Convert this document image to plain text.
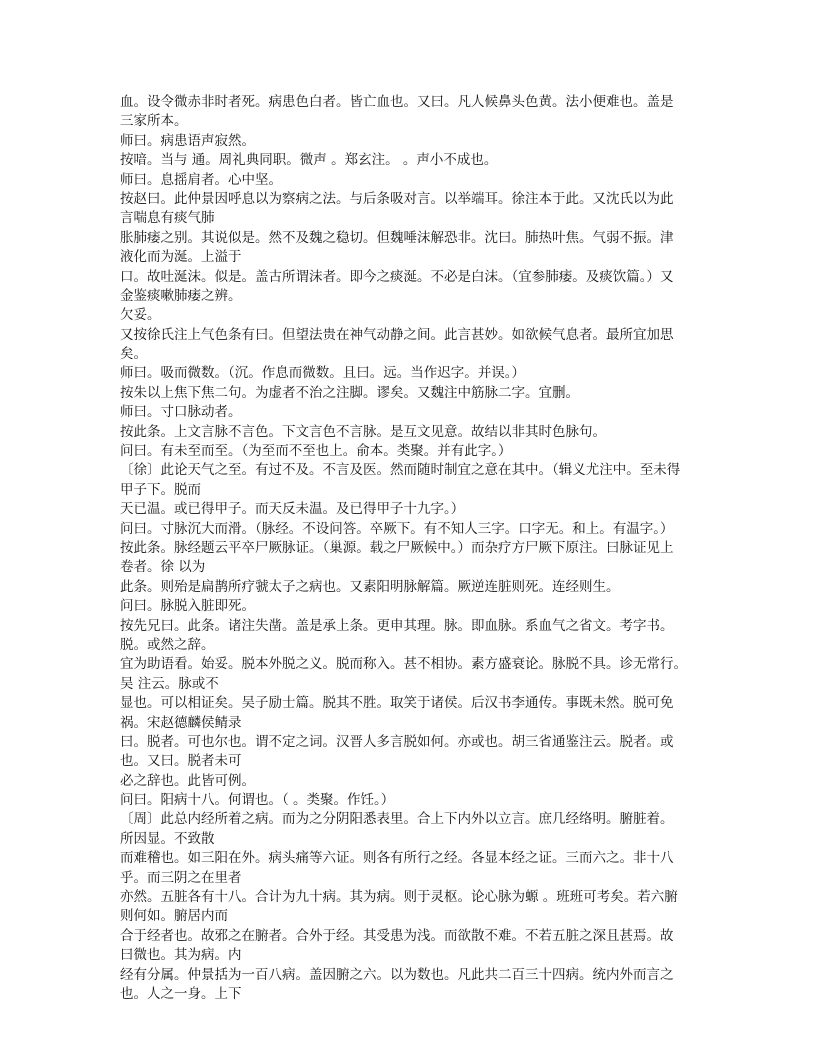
血。设令微赤非时者死。病患色白者。皆亡血也。又曰。凡人候鼻头色黄。法小便难也。盖是
三家所本。
师曰。病患语声寂然。
按喑。当与 通。周礼典同职。微声 。郑玄注。 。声小不成也。
师曰。息摇肩者。心中坚。
按赵曰。此仲景因呼息以为察病之法。与后条吸对言。以举端耳。徐注本于此。又沈氏以为此
言喘息有痰气肺
胀肺痿之别。其说似是。然不及魏之稳切。但魏唾沫解恐非。沈曰。肺热叶焦。气弱不振。津
液化而为涎。上溢于
口。故吐涎沫。似是。盖古所谓沫者。即今之痰涎。不必是白沫。（宜参肺痿。及痰饮篇。）又
金鉴痰嗽肺痿之辨。
欠妥。
又按徐氏注上气色条有曰。但望法贵在神气动静之间。此言甚妙。如欲候气息者。最所宜加思
矣。
师曰。吸而微数。（沉。作息而微数。且曰。远。当作迟字。并误。）
按朱以上焦下焦二句。为虚者不治之注脚。谬矣。又魏注中筋脉二字。宜删。
师曰。寸口脉动者。
按此条。上文言脉不言色。下文言色不言脉。是互文见意。故结以非其时色脉句。
问曰。有未至而至。（为至而不至也上。俞本。类聚。并有此字。）
〔徐〕此论天气之至。有过不及。不言及医。然而随时制宜之意在其中。（辑义尤注中。至未得
甲子下。脱而
天已温。或已得甲子。而天反未温。及已得甲子十九字。）
问曰。寸脉沉大而滑。（脉经。不设问答。卒厥下。有不知人三字。口字无。和上。有温字。）
按此条。脉经题云平卒尸厥脉证。（巢源。载之尸厥候中。）而杂疗方尸厥下原注。曰脉证见上
卷者。徐 以为
此条。则殆是扁鹊所疗虢太子之病也。又素阳明脉解篇。厥逆连脏则死。连经则生。
问曰。脉脱入脏即死。
按先兄曰。此条。诸注失凿。盖是承上条。更申其理。脉。即血脉。系血气之省文。考字书。
脱。或然之辞。
宜为助语看。始妥。脱本外脱之义。脱而称入。甚不相协。素方盛衰论。脉脱不具。诊无常行。
吴 注云。脉或不
显也。可以相证矣。吴子励士篇。脱其不胜。取笑于诸侯。后汉书李通传。事既未然。脱可免
祸。宋赵德麟侯鲭录
曰。脱者。可也尔也。谓不定之词。汉晋人多言脱如何。亦或也。胡三省通鉴注云。脱者。或
也。又曰。脱者未可
必之辞也。此皆可例。
问曰。阳病十八。何谓也。（ 。类聚。作饪。）
〔周〕此总内经所着之病。而为之分阴阳悉表里。合上下内外以立言。庶几经络明。腑脏着。
所因显。不致散
而难稽也。如三阳在外。病头痛等六证。则各有所行之经。各显本经之证。三而六之。非十八
乎。而三阴之在里者
亦然。五脏各有十八。合计为九十病。其为病。则于灵枢。论心脉为螈 。班班可考矣。若六腑
则何如。腑居内而
合于经者也。故邪之在腑者。合外于经。其受患为浅。而欲散不难。不若五脏之深且甚焉。故
曰微也。其为病。内
经有分属。仲景括为一百八病。盖因腑之六。以为数也。凡此共二百三十四病。统内外而言之
也。人之一身。上下
